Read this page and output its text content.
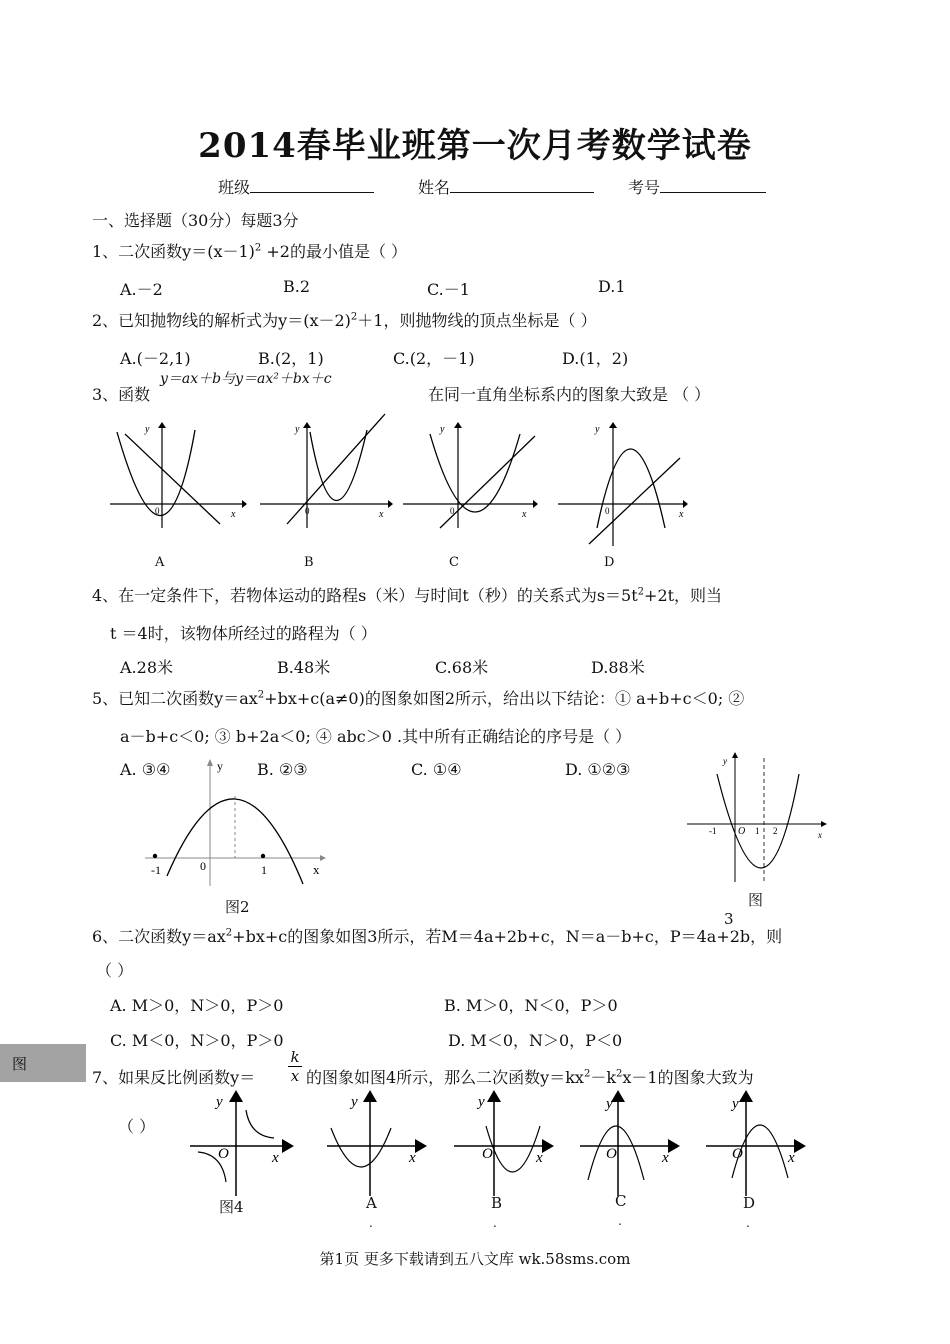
2014春毕业班第一次月考数学试卷
班级	姓名	考号
一、选择题（30分）每题3分
1、二次函数$y=(x-1)^2 +2$的最小值是（ ）
A.－2	B.2	C.－1	D.1
2、已知抛物线的解析式为$y=(x-2)^2+1$，则抛物线的顶点坐标是（ ）
A.(－2,1)	B.(2，1)	C.(2，－1)	D.(1，2)
3、函数
y＝ax＋b与y＝ax²＋bx＋c
在同一直角坐标系内的图象大致是 （ ）
y
x
0
y
x
0
y
x
0
y
x
0
A	B	C	D
4、在一定条件下，若物体运动的路程s（米）与时间t（秒）的关系式为$s=5t^2+2t$，则当
t ＝4时，该物体所经过的路程为（ ）
A.28米	B.48米	C.68米	D.88米
5、已知二次函数$y=ax^2+bx+c(a\ne 0)$的图象如图2所示，给出以下结论：① a+b+c＜0; ②
a－b+c＜0; ③ b+2a＜0; ④ abc＞0 .其中所有正确结论的序号是（ ）
A. ③④	B. ②③	C. ①④	D. ①②③
y
x
0
-1	1
图2
y
x
O
-1	1 2
图
3
6、二次函数$y=ax^2+bx+c$的图象如图3所示，若M＝4a+2b+c，N＝a－b+c，P＝4a+2b，则
（ ）
A. M＞0，N＞0，P＞0	B. M＞0，N＜0，P＞0
C. M＜0，N＞0，P＞0	D. M＜0，N＞0，P＜0
图
7、如果反比例函数$y= \frac{k}{x}$ 的图象如图4所示，那么二次函数$y=kx^2-k^2x-1$的图象大致为
（ ）
y
x
O
图4
y
x
y
x
O
y
x
O
y
x
O
A	B	C	D
.	.	.	.
第1页 更多下载请到五八文库 wk.58sms.com
